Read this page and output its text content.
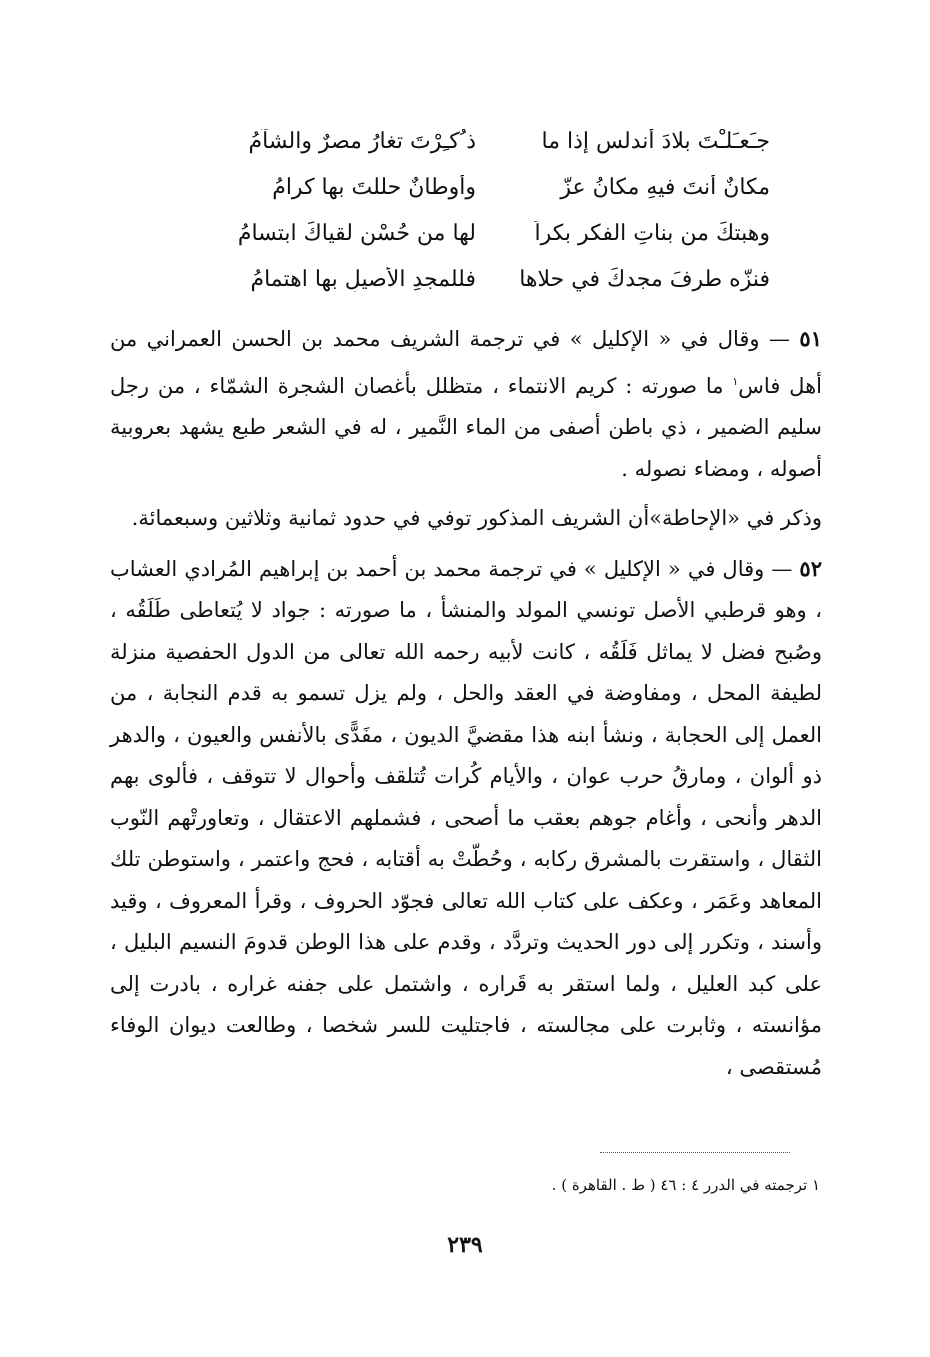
جـَعـَلـْتَ بلادَ أندلس إذا ما
ذ ُكـِرْتَ تغارُ مصرٌ والشآمُ
مكانٌ أنتَ فيهِ مكانُ عزّ
وأوطانٌ حللتَ بها كرامُ
وهبتكَ من بناتِ الفكرِ بكراً
لها من حُسْنِ لقياكَ ابتسامُ
فنزّه طرفَ مجدكَ في حلاها
فللمجدِ الأصيلِ بها اهتمامُ

٥١ — وقال في « الإكليل » في ترجمة الشريف محمد بن الحسن العمراني من أهل فاس$^١$ ما صورته : كريم الانتماء ، متظلل بأغصان الشجرة الشمّاء ، من رجل سليم الضمير ، ذي باطن أصفى من الماء النَّمير ، له في الشعر طبع يشهد بعروبية أصوله ، ومضاء نصوله .

وذكر في «الإحاطة»أن الشريف المذكور توفي في حدود ثمانية وثلاثين وسبعمائة.

٥٢ — وقال في « الإكليل » في ترجمة محمد بن أحمد بن إبراهيم المُرادي العشاب ، وهو قرطبي الأصل تونسي المولد والمنشأ ، ما صورته : جواد لا يُتعاطى طَلَقُه ، وصُبح فضل لا يماثل فَلَقُه ، كانت لأبيه رحمه الله تعالى من الدول الحفصية منزلة لطيفة المحل ، ومفاوضة في العقد والحل ، ولم يزل تسمو به قدم النجابة ، من العمل إلى الحجابة ، ونشأ ابنه هذا مقضيَّ الديون ، مفَدًّى بالأنفس والعيون ، والدهر ذو ألوان ، ومارقُ حرب عوان ، والأيام كُرات تُتلقف وأحوال لا تتوقف ، فألوى بهم الدهر وأنحى ، وأغام جوهم بعقب ما أصحى ، فشملهم الاعتقال ، وتعاورتْهم النّوب الثقال ، واستقرت بالمشرق ركابه ، وحُطّتْ به أقتابه ، فحج واعتمر ، واستوطن تلك المعاهد وعَمَر ، وعكف على كتاب الله تعالى فجوّد الحروف ، وقرأ المعروف ، وقيد وأسند ، وتكرر إلى دور الحديث وتردَّد ، وقدم على هذا الوطن قدومَ النسيم البليل ، على كبد العليل ، ولما استقر به قَراره ، واشتمل على جفنه غراره ، بادرت إلى مؤانسته ، وثابرت على مجالسته ، فاجتليت للسر شخصا ، وطالعت ديوان الوفاء مُستقصى ،

١ ترجمته في الدرر ٤ : ٤٦ ( ط . القاهرة ) .
٢٣٩
